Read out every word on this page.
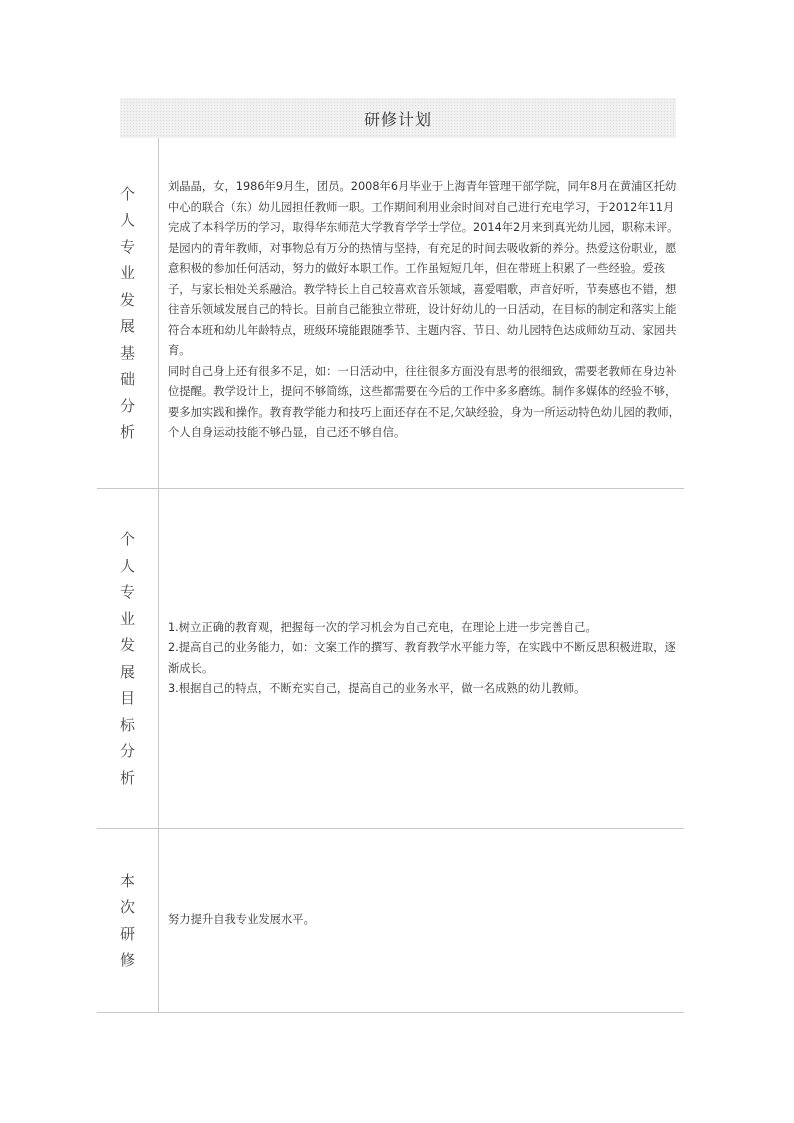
研修计划
个
人
专
业
发
展
基
础
分
析

刘晶晶，女，1986年9月生，团员。2008年6月毕业于上海青年管理干部学院，同年8月在黄浦区托幼中心的联合（东）幼儿园担任教师一职。工作期间利用业余时间对自己进行充电学习，于2012年11月完成了本科学历的学习，取得华东师范大学教育学学士学位。2014年2月来到真光幼儿园，职称未评。是园内的青年教师，对事物总有万分的热情与坚持，有充足的时间去吸收新的养分。热爱这份职业，愿意积极的参加任何活动，努力的做好本职工作。工作虽短短几年，但在带班上积累了一些经验。爱孩子，与家长相处关系融洽。教学特长上自己较喜欢音乐领域，喜爱唱歌，声音好听，节奏感也不错，想往音乐领域发展自己的特长。目前自己能独立带班，设计好幼儿的一日活动，在目标的制定和落实上能符合本班和幼儿年龄特点，班级环境能跟随季节、主题内容、节日、幼儿园特色达成师幼互动、家园共育。

同时自己身上还有很多不足，如：一日活动中，往往很多方面没有思考的很细致，需要老教师在身边补位提醒。教学设计上，提问不够简练，这些都需要在今后的工作中多多磨练。制作多媒体的经验不够，要多加实践和操作。教育教学能力和技巧上面还存在不足,欠缺经验，身为一所运动特色幼儿园的教师，个人自身运动技能不够凸显，自己还不够自信。

个
人
专
业
发
展
目
标
分
析

1.树立正确的教育观，把握每一次的学习机会为自己充电，在理论上进一步完善自己。

2.提高自己的业务能力，如：文案工作的撰写、教育教学水平能力等，在实践中不断反思积极进取，逐渐成长。

3.根据自己的特点，不断充实自己，提高自己的业务水平，做一名成熟的幼儿教师。

本
次
研
修

努力提升自我专业发展水平。
